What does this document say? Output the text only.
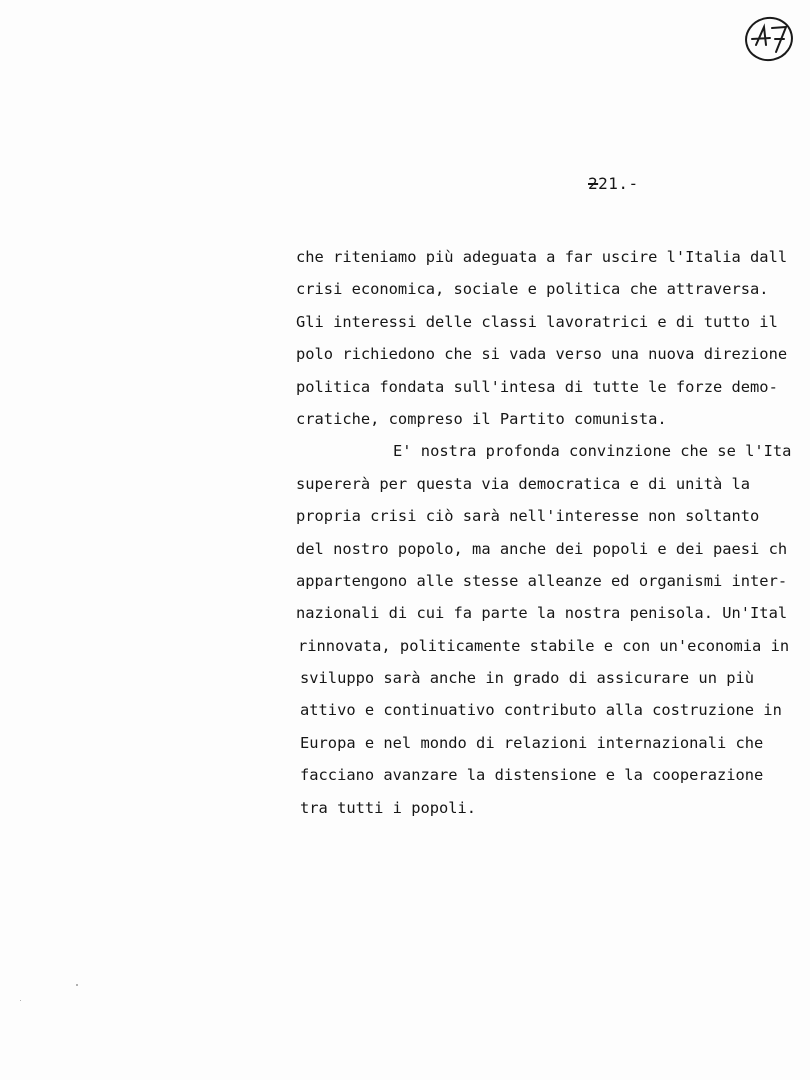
221.-
che riteniamo più adeguata a far uscire l'Italia dall
crisi economica, sociale e politica che attraversa.
Gli interessi delle classi lavoratrici e di tutto il
polo richiedono che si vada verso una nuova direzione
politica fondata sull'intesa di tutte le forze demo-
cratiche, compreso il Partito comunista.
E' nostra profonda convinzione che se l'Ita
supererà per questa via democratica e di unità la
propria crisi ciò sarà nell'interesse non soltanto
del nostro popolo, ma anche dei popoli e dei paesi ch
appartengono alle stesse alleanze ed organismi inter-
nazionali di cui fa parte la nostra penisola. Un'Ital
rinnovata, politicamente stabile e con un'economia in
sviluppo sarà anche in grado di assicurare un più
attivo e continuativo contributo alla costruzione in
Europa e nel mondo di relazioni internazionali che
facciano avanzare la distensione e la cooperazione
tra tutti i popoli.
